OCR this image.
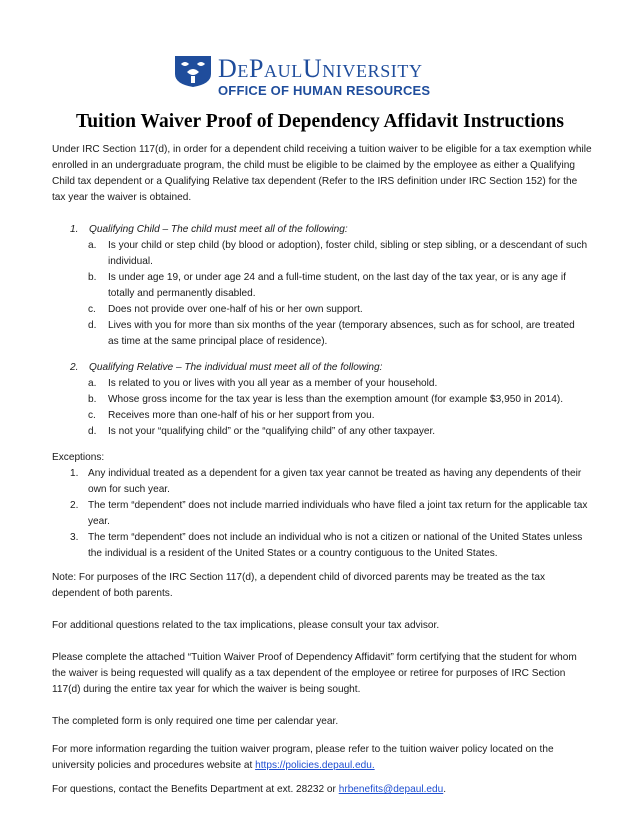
DePaulUniversity
OFFICE OF HUMAN RESOURCES
Tuition Waiver Proof of Dependency Affidavit Instructions

Under IRC Section 117(d), in order for a dependent child receiving a tuition waiver to be eligible for a tax exemption while enrolled in an undergraduate program, the child must be eligible to be claimed by the employee as either a Qualifying Child tax dependent or a Qualifying Relative tax dependent (Refer to the IRS definition under IRC Section 152) for the tax year the waiver is obtained.

1. Qualifying Child – The child must meet all of the following:
a. Is your child or step child (by blood or adoption), foster child, sibling or step sibling, or a descendant of such individual.
b. Is under age 19, or under age 24 and a full-time student, on the last day of the tax year, or is any age if totally and permanently disabled.
c. Does not provide over one-half of his or her own support.
d. Lives with you for more than six months of the year (temporary absences, such as for school, are treated as time at the same principal place of residence).
2. Qualifying Relative – The individual must meet all of the following:
a. Is related to you or lives with you all year as a member of your household.
b. Whose gross income for the tax year is less than the exemption amount (for example $3,950 in 2014).
c. Receives more than one-half of his or her support from you.
d. Is not your “qualifying child” or the “qualifying child” of any other taxpayer.

Exceptions:

1. Any individual treated as a dependent for a given tax year cannot be treated as having any dependents of their own for such year.
2. The term “dependent” does not include married individuals who have filed a joint tax return for the applicable tax year.
3. The term “dependent” does not include an individual who is not a citizen or national of the United States unless the individual is a resident of the United States or a country contiguous to the United States.

Note: For purposes of the IRC Section 117(d), a dependent child of divorced parents may be treated as the tax dependent of both parents.

For additional questions related to the tax implications, please consult your tax advisor.

Please complete the attached “Tuition Waiver Proof of Dependency Affidavit” form certifying that the student for whom the waiver is being requested will qualify as a tax dependent of the employee or retiree for purposes of IRC Section 117(d) during the entire tax year for which the waiver is being sought.

The completed form is only required one time per calendar year.

For more information regarding the tuition waiver program, please refer to the tuition waiver policy located on the university policies and procedures website at https://policies.depaul.edu.

For questions, contact the Benefits Department at ext. 28232 or hrbenefits@depaul.edu.
